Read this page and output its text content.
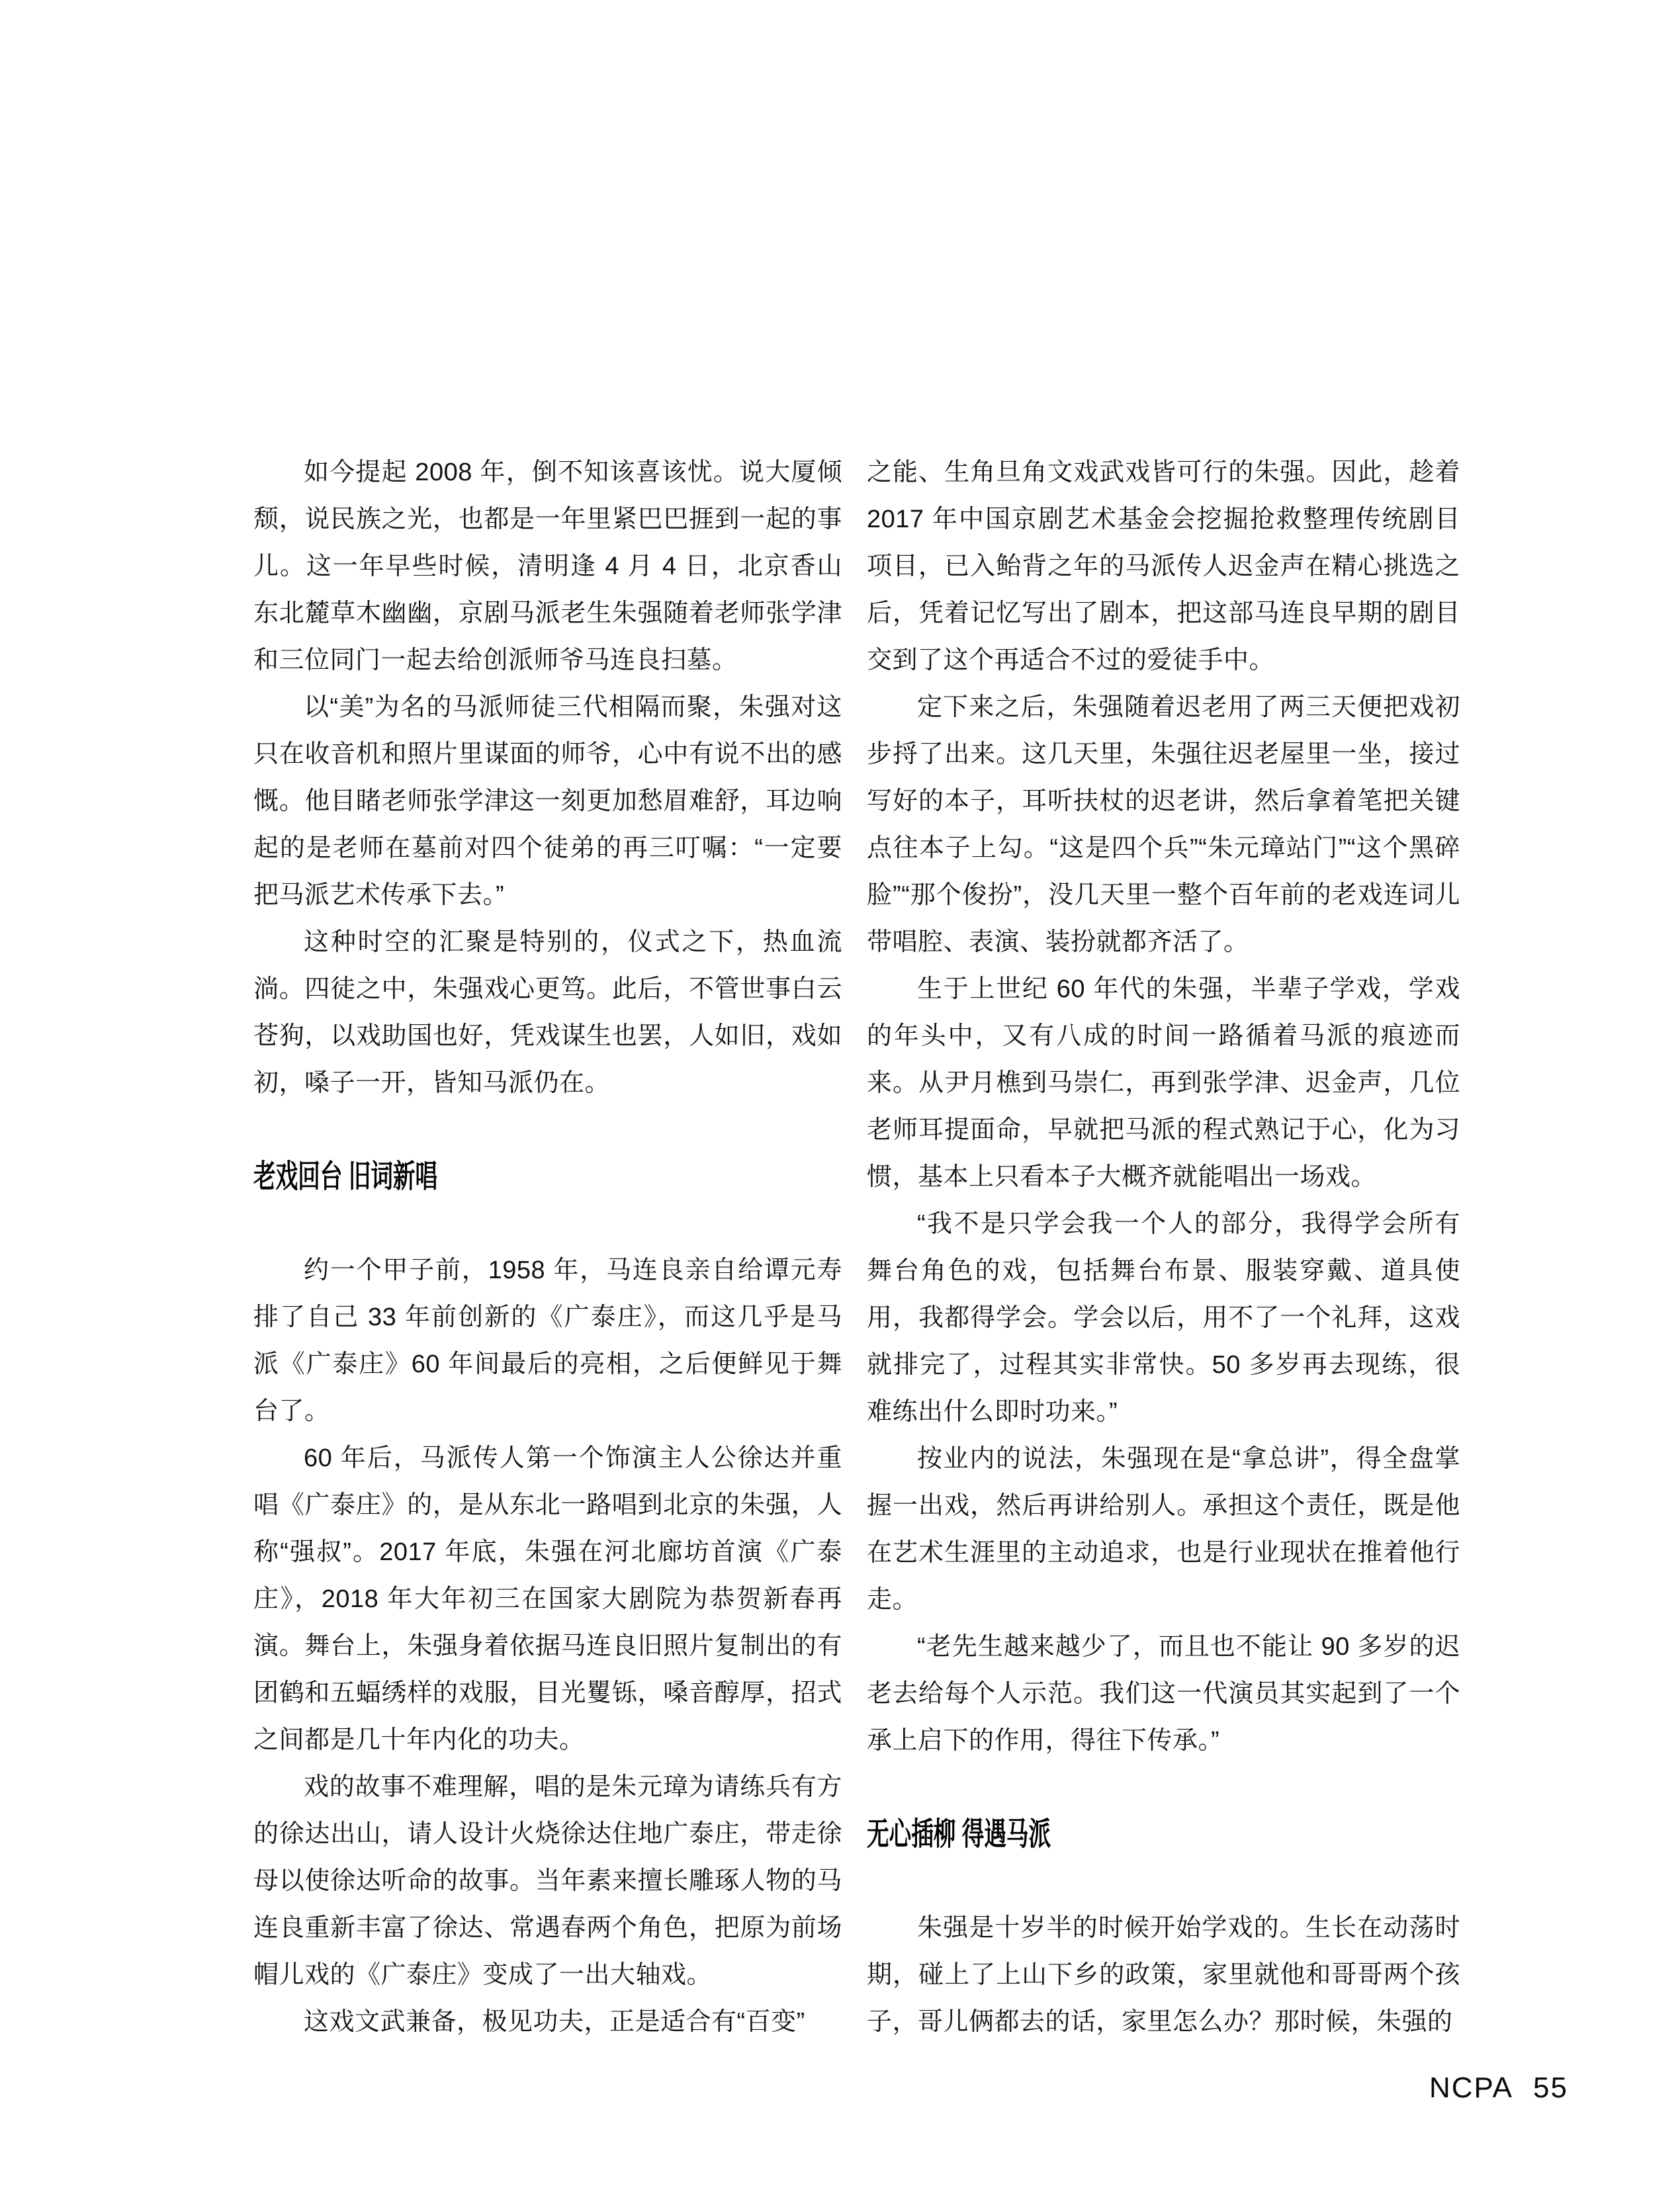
如今提起 2008 年，倒不知该喜该忧。说大厦倾颓，说民族之光，也都是一年里紧巴巴捱到一起的事儿。这一年早些时候，清明逢 4 月 4 日，北京香山东北麓草木幽幽，京剧马派老生朱强随着老师张学津和三位同门一起去给创派师爷马连良扫墓。

以“美”为名的马派师徒三代相隔而聚，朱强对这只在收音机和照片里谋面的师爷，心中有说不出的感慨。他目睹老师张学津这一刻更加愁眉难舒，耳边响起的是老师在墓前对四个徒弟的再三叮嘱：“一定要把马派艺术传承下去。”

这种时空的汇聚是特别的，仪式之下，热血流淌。四徒之中，朱强戏心更笃。此后，不管世事白云苍狗，以戏助国也好，凭戏谋生也罢，人如旧，戏如初，嗓子一开，皆知马派仍在。

老戏回台 旧词新唱

约一个甲子前，1958 年，马连良亲自给谭元寿排了自己 33 年前创新的《广泰庄》，而这几乎是马派《广泰庄》60 年间最后的亮相，之后便鲜见于舞台了。

60 年后，马派传人第一个饰演主人公徐达并重唱《广泰庄》的，是从东北一路唱到北京的朱强，人称“强叔”。2017 年底，朱强在河北廊坊首演《广泰庄》，2018 年大年初三在国家大剧院为恭贺新春再演。舞台上，朱强身着依据马连良旧照片复制出的有团鹤和五蝠绣样的戏服，目光矍铄，嗓音醇厚，招式之间都是几十年内化的功夫。

戏的故事不难理解，唱的是朱元璋为请练兵有方的徐达出山，请人设计火烧徐达住地广泰庄，带走徐母以使徐达听命的故事。当年素来擅长雕琢人物的马连良重新丰富了徐达、常遇春两个角色，把原为前场帽儿戏的《广泰庄》变成了一出大轴戏。

这戏文武兼备，极见功夫，正是适合有“百变”

之能、生角旦角文戏武戏皆可行的朱强。因此，趁着 2017 年中国京剧艺术基金会挖掘抢救整理传统剧目项目，已入鲐背之年的马派传人迟金声在精心挑选之后，凭着记忆写出了剧本，把这部马连良早期的剧目交到了这个再适合不过的爱徒手中。

定下来之后，朱强随着迟老用了两三天便把戏初步捋了出来。这几天里，朱强往迟老屋里一坐，接过写好的本子，耳听扶杖的迟老讲，然后拿着笔把关键点往本子上勾。“这是四个兵”“朱元璋站门”“这个黑碎脸”“那个俊扮”，没几天里一整个百年前的老戏连词儿带唱腔、表演、装扮就都齐活了。

生于上世纪 60 年代的朱强，半辈子学戏，学戏的年头中，又有八成的时间一路循着马派的痕迹而来。从尹月樵到马崇仁，再到张学津、迟金声，几位老师耳提面命，早就把马派的程式熟记于心，化为习惯，基本上只看本子大概齐就能唱出一场戏。

“我不是只学会我一个人的部分，我得学会所有舞台角色的戏，包括舞台布景、服装穿戴、道具使用，我都得学会。学会以后，用不了一个礼拜，这戏就排完了，过程其实非常快。50 多岁再去现练，很难练出什么即时功来。”

按业内的说法，朱强现在是“拿总讲”，得全盘掌握一出戏，然后再讲给别人。承担这个责任，既是他在艺术生涯里的主动追求，也是行业现状在推着他行走。

“老先生越来越少了，而且也不能让 90 多岁的迟老去给每个人示范。我们这一代演员其实起到了一个承上启下的作用，得往下传承。”

无心插柳 得遇马派

朱强是十岁半的时候开始学戏的。生长在动荡时期，碰上了上山下乡的政策，家里就他和哥哥两个孩子，哥儿俩都去的话，家里怎么办？那时候，朱强的

NCPA 55
